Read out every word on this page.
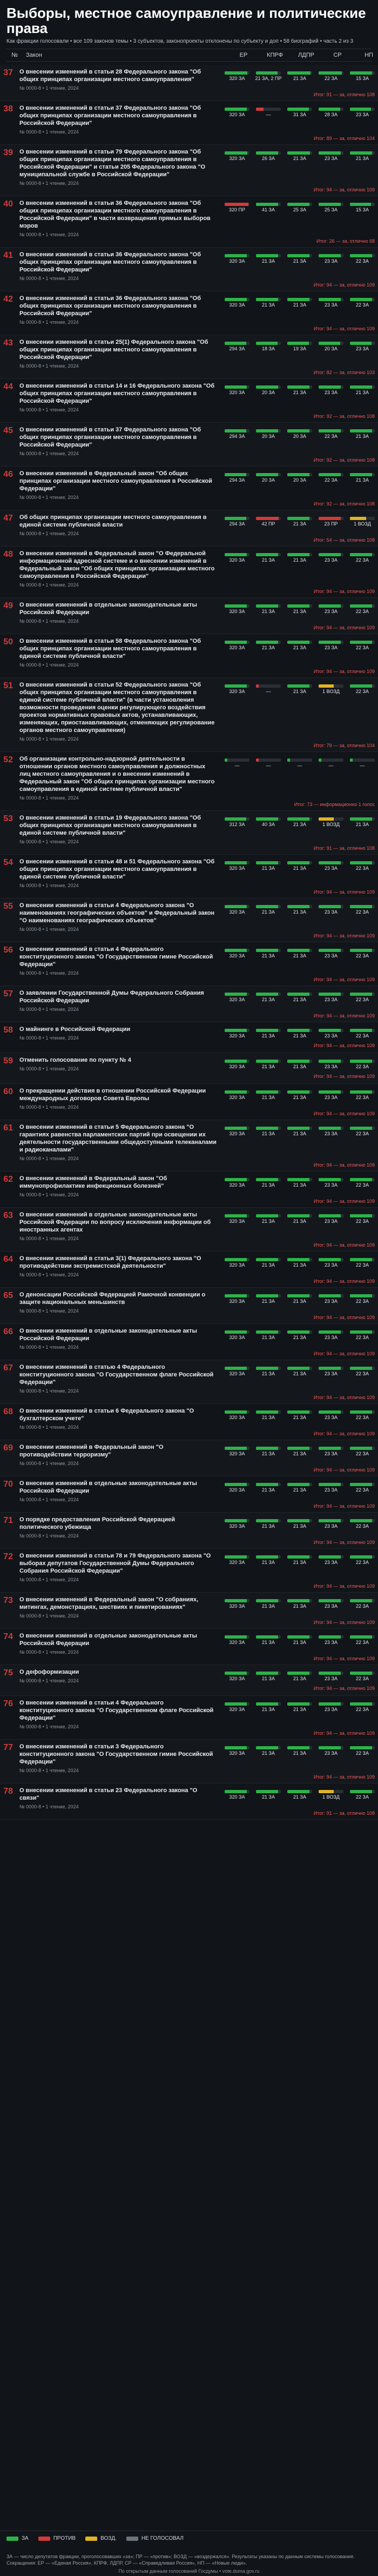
Выборы, местное самоуправление и политические права
Как фракции голосовали • все 109 законов темы • 3 субъектов, законопроекты отклонены по субъекту и доп • 58 биографий • часть 2 из 3
№	Закон	ЕР	КПРФ	ЛДПР	СР	НП
37	О внесении изменений в статьи 28 Федерального закона "Об общих принципах организации местного самоуправления"
№ 0000-8 • 1 чтение, 2024
320 ЗА	21 ЗА, 2 ПР	21 ЗА	22 ЗА	15 ЗА
Итог: 91 — за, отлично 108
38	О внесении изменений в статьи 37 Федерального закона "Об общих принципах организации местного самоуправления в Российской Федерации"
№ 0000-8 • 1 чтение, 2024
320 ЗА	—	31 ЗА	28 ЗА	23 ЗА
Итог: 89 — за, отлично 104
39	О внесении изменений в статьи 79 Федерального закона "Об общих принципах организации местного самоуправления в Российской Федерации" и статьи 205 Федерального закона "О муниципальной службе в Российской Федерации"
№ 0000-8 • 1 чтение, 2024
320 ЗА	26 ЗА	21 ЗА	23 ЗА	21 ЗА
Итог: 94 — за, отлично 109
40	О внесении изменений в статьи 36 Федерального закона "Об общих принципах организации местного самоуправления в Российской Федерации" в части возвращения прямых выборов мэров
№ 0000-8 • 1 чтение, 2024
320 ПР	41 ЗА	25 ЗА	25 ЗА	15 ЗА
Итог: 26 — за, отлично 68
41	О внесении изменений в статьи 36 Федерального закона "Об общих принципах организации местного самоуправления в Российской Федерации"
№ 0000-8 • 1 чтение, 2024
320 ЗА	21 ЗА	21 ЗА	23 ЗА	22 ЗА
Итог: 94 — за, отлично 109
42	О внесении изменений в статьи 36 Федерального закона "Об общих принципах организации местного самоуправления в Российской Федерации"
№ 0000-8 • 1 чтение, 2024
320 ЗА	21 ЗА	21 ЗА	23 ЗА	22 ЗА
Итог: 94 — за, отлично 109
43	О внесении изменений в статьи 25(1) Федерального закона "Об общих принципах организации местного самоуправления в Российской Федерации"
№ 0000-8 • 1 чтение, 2024
294 ЗА	18 ЗА	19 ЗА	20 ЗА	23 ЗА
Итог: 82 — за, отлично 103
44	О внесении изменений в статьи 14 и 16 Федерального закона "Об общих принципах организации местного самоуправления в Российской Федерации"
№ 0000-8 • 1 чтение, 2024
320 ЗА	20 ЗА	21 ЗА	23 ЗА	21 ЗА
Итог: 92 — за, отлично 108
45	О внесении изменений в статьи 37 Федерального закона "Об общих принципах организации местного самоуправления в Российской Федерации"
№ 0000-8 • 1 чтение, 2024
294 ЗА	20 ЗА	20 ЗА	22 ЗА	21 ЗА
Итог: 92 — за, отлично 108
46	О внесении изменений в Федеральный закон "Об общих принципах организации местного самоуправления в Российской Федерации"
№ 0000-8 • 1 чтение, 2024
294 ЗА	20 ЗА	20 ЗА	22 ЗА	21 ЗА
Итог: 92 — за, отлично 108
47	Об общих принципах организации местного самоуправления в единой системе публичной власти
№ 0000-8 • 1 чтение, 2024
294 ЗА	42 ПР	21 ЗА	23 ПР	1 ВОЗД
Итог: 54 — за, отлично 108
48	О внесении изменений в Федеральный закон "О Федеральной информационной адресной системе и о внесении изменений в Федеральный закон "Об общих принципах организации местного самоуправления в Российской Федерации"
№ 0000-8 • 1 чтение, 2024
320 ЗА	21 ЗА	21 ЗА	23 ЗА	22 ЗА
Итог: 94 — за, отлично 109
49	О внесении изменений в отдельные законодательные акты Российской Федерации
№ 0000-8 • 1 чтение, 2024
320 ЗА	21 ЗА	21 ЗА	23 ЗА	22 ЗА
Итог: 94 — за, отлично 109
50	О внесении изменений в статьи 58 Федерального закона "Об общих принципах организации местного самоуправления в единой системе публичной власти"
№ 0000-8 • 1 чтение, 2024
320 ЗА	21 ЗА	21 ЗА	23 ЗА	22 ЗА
Итог: 94 — за, отлично 109
51	О внесении изменений в статьи 52 Федерального закона "Об общих принципах организации местного самоуправления в единой системе публичной власти" (в части установления возможности проведения оценки регулирующего воздействия проектов нормативных правовых актов, устанавливающих, изменяющих, приостанавливающих, отменяющих регулирование органов местного самоуправления)
№ 0000-8 • 1 чтение, 2024
320 ЗА	—	21 ЗА	1 ВОЗД	22 ЗА
Итог: 79 — за, отлично 104
52	Об организации контрольно-надзорной деятельности в отношении органов местного самоуправления и должностных лиц местного самоуправления и о внесении изменений в Федеральный закон "Об общих принципах организации местного самоуправления в единой системе публичной власти"
№ 0000-8 • 1 чтение, 2024
—	—	—	—	—
Итог: 73 — информационно 1 голос
53	О внесении изменений в статьи 19 Федерального закона "Об общих принципах организации местного самоуправления в единой системе публичной власти"
№ 0000-8 • 1 чтение, 2024
312 ЗА	40 ЗА	21 ЗА	1 ВОЗД	21 ЗА
Итог: 91 — за, отлично 108
54	О внесении изменений в статьи 48 и 51 Федерального закона "Об общих принципах организации местного самоуправления в единой системе публичной власти"
№ 0000-8 • 1 чтение, 2024
320 ЗА	21 ЗА	21 ЗА	23 ЗА	22 ЗА
Итог: 94 — за, отлично 109
55	О внесении изменений в статьи 4 Федерального закона "О наименованиях географических объектов" и Федеральный закон "О наименованиях географических объектов"
№ 0000-8 • 1 чтение, 2024
320 ЗА	21 ЗА	21 ЗА	23 ЗА	22 ЗА
Итог: 94 — за, отлично 109
56	О внесении изменений в статьи 4 Федерального конституционного закона "О Государственном гимне Российской Федерации"
№ 0000-8 • 1 чтение, 2024
320 ЗА	21 ЗА	21 ЗА	23 ЗА	22 ЗА
Итог: 94 — за, отлично 109
57	О заявлении Государственной Думы Федерального Собрания Российской Федерации
№ 0000-8 • 1 чтение, 2024
320 ЗА	21 ЗА	21 ЗА	23 ЗА	22 ЗА
Итог: 94 — за, отлично 109
58	О майнинге в Российской Федерации
№ 0000-8 • 1 чтение, 2024	320 ЗА	21 ЗА	21 ЗА	23 ЗА	22 ЗА
Итог: 94 — за, отлично 109
59	Отменить голосование по пункту № 4
№ 0000-8 • 1 чтение, 2024	320 ЗА	21 ЗА	21 ЗА	23 ЗА	22 ЗА
Итог: 94 — за, отлично 109
60	О прекращении действия в отношении Российской Федерации международных договоров Совета Европы
№ 0000-8 • 1 чтение, 2024
320 ЗА	21 ЗА	21 ЗА	23 ЗА	22 ЗА
Итог: 94 — за, отлично 109
61	О внесении изменений в статьи 5 Федерального закона "О гарантиях равенства парламентских партий при освещении их деятельности государственными общедоступными телеканалами и радиоканалами"
№ 0000-8 • 1 чтение, 2024
320 ЗА	21 ЗА	21 ЗА	23 ЗА	22 ЗА
Итог: 94 — за, отлично 109
62	О внесении изменений в Федеральный закон "Об иммунопрофилактике инфекционных болезней"
№ 0000-8 • 1 чтение, 2024
320 ЗА	21 ЗА	21 ЗА	23 ЗА	22 ЗА
Итог: 94 — за, отлично 109
63	О внесении изменений в отдельные законодательные акты Российской Федерации по вопросу исключения информации об иностранных агентах
№ 0000-8 • 1 чтение, 2024
320 ЗА	21 ЗА	21 ЗА	23 ЗА	22 ЗА
Итог: 94 — за, отлично 109
64	О внесении изменений в статьи 3(1) Федерального закона "О противодействии экстремистской деятельности"
№ 0000-8 • 1 чтение, 2024
320 ЗА	21 ЗА	21 ЗА	23 ЗА	22 ЗА
Итог: 94 — за, отлично 109
65	О денонсации Российской Федерацией Рамочной конвенции о защите национальных меньшинств
№ 0000-8 • 1 чтение, 2024
320 ЗА	21 ЗА	21 ЗА	23 ЗА	22 ЗА
Итог: 94 — за, отлично 109
66	О внесении изменений в отдельные законодательные акты Российской Федерации
№ 0000-8 • 1 чтение, 2024
320 ЗА	21 ЗА	21 ЗА	23 ЗА	22 ЗА
Итог: 94 — за, отлично 109
67	О внесении изменений в статью 4 Федерального конституционного закона "О Государственном флаге Российской Федерации"
№ 0000-8 • 1 чтение, 2024
320 ЗА	21 ЗА	21 ЗА	23 ЗА	22 ЗА
Итог: 94 — за, отлично 109
68	О внесении изменений в статьи 6 Федерального закона "О бухгалтерском учете"
№ 0000-8 • 1 чтение, 2024
320 ЗА	21 ЗА	21 ЗА	23 ЗА	22 ЗА
Итог: 94 — за, отлично 109
69	О внесении изменений в Федеральный закон "О противодействии терроризму"
№ 0000-8 • 1 чтение, 2024
320 ЗА	21 ЗА	21 ЗА	23 ЗА	22 ЗА
Итог: 94 — за, отлично 109
70	О внесении изменений в отдельные законодательные акты Российской Федерации
№ 0000-8 • 1 чтение, 2024
320 ЗА	21 ЗА	21 ЗА	23 ЗА	22 ЗА
Итог: 94 — за, отлично 109
71	О порядке предоставления Российской Федерацией политического убежища
№ 0000-8 • 1 чтение, 2024
320 ЗА	21 ЗА	21 ЗА	23 ЗА	22 ЗА
Итог: 94 — за, отлично 109
72	О внесении изменений в статьи 78 и 79 Федерального закона "О выборах депутатов Государственной Думы Федерального Собрания Российской Федерации"
№ 0000-8 • 1 чтение, 2024
320 ЗА	21 ЗА	21 ЗА	23 ЗА	22 ЗА
Итог: 94 — за, отлично 109
73	О внесении изменений в Федеральный закон "О собраниях, митингах, демонстрациях, шествиях и пикетированиях"
№ 0000-8 • 1 чтение, 2024
320 ЗА	21 ЗА	21 ЗА	23 ЗА	22 ЗА
Итог: 94 — за, отлично 109
74	О внесении изменений в отдельные законодательные акты Российской Федерации
№ 0000-8 • 1 чтение, 2024
320 ЗА	21 ЗА	21 ЗА	23 ЗА	22 ЗА
Итог: 94 — за, отлично 109
75	О дефоформизации
№ 0000-8 • 1 чтение, 2024	320 ЗА	21 ЗА	21 ЗА	23 ЗА	22 ЗА
Итог: 94 — за, отлично 109
76	О внесении изменений в статьи 4 Федерального конституционного закона "О Государственном флаге Российской Федерации"
№ 0000-8 • 1 чтение, 2024
320 ЗА	21 ЗА	21 ЗА	23 ЗА	22 ЗА
Итог: 94 — за, отлично 109
77	О внесении изменений в статьи 3 Федерального конституционного закона "О Государственном гимне Российской Федерации"
№ 0000-8 • 1 чтение, 2024
320 ЗА	21 ЗА	21 ЗА	23 ЗА	22 ЗА
Итог: 94 — за, отлично 109
78	О внесении изменений в статьи 23 Федерального закона "О связи"
№ 0000-8 • 1 чтение, 2024
320 ЗА	21 ЗА	21 ЗА	1 ВОЗД	22 ЗА
Итог: 91 — за, отлично 108
ЗА	ПРОТИВ	ВОЗД.	НЕ ГОЛОСОВАЛ
ЗА — число депутатов фракции, проголосовавших «за»; ПР — «против»; ВОЗД — «воздержался». Результаты указаны по данным системы голосования. Сокращения: ЕР — «Единая Россия», КПРФ, ЛДПР, СР — «Справедливая Россия», НП — «Новые люди».
По открытым данным голосований Госдумы • vote.duma.gov.ru
